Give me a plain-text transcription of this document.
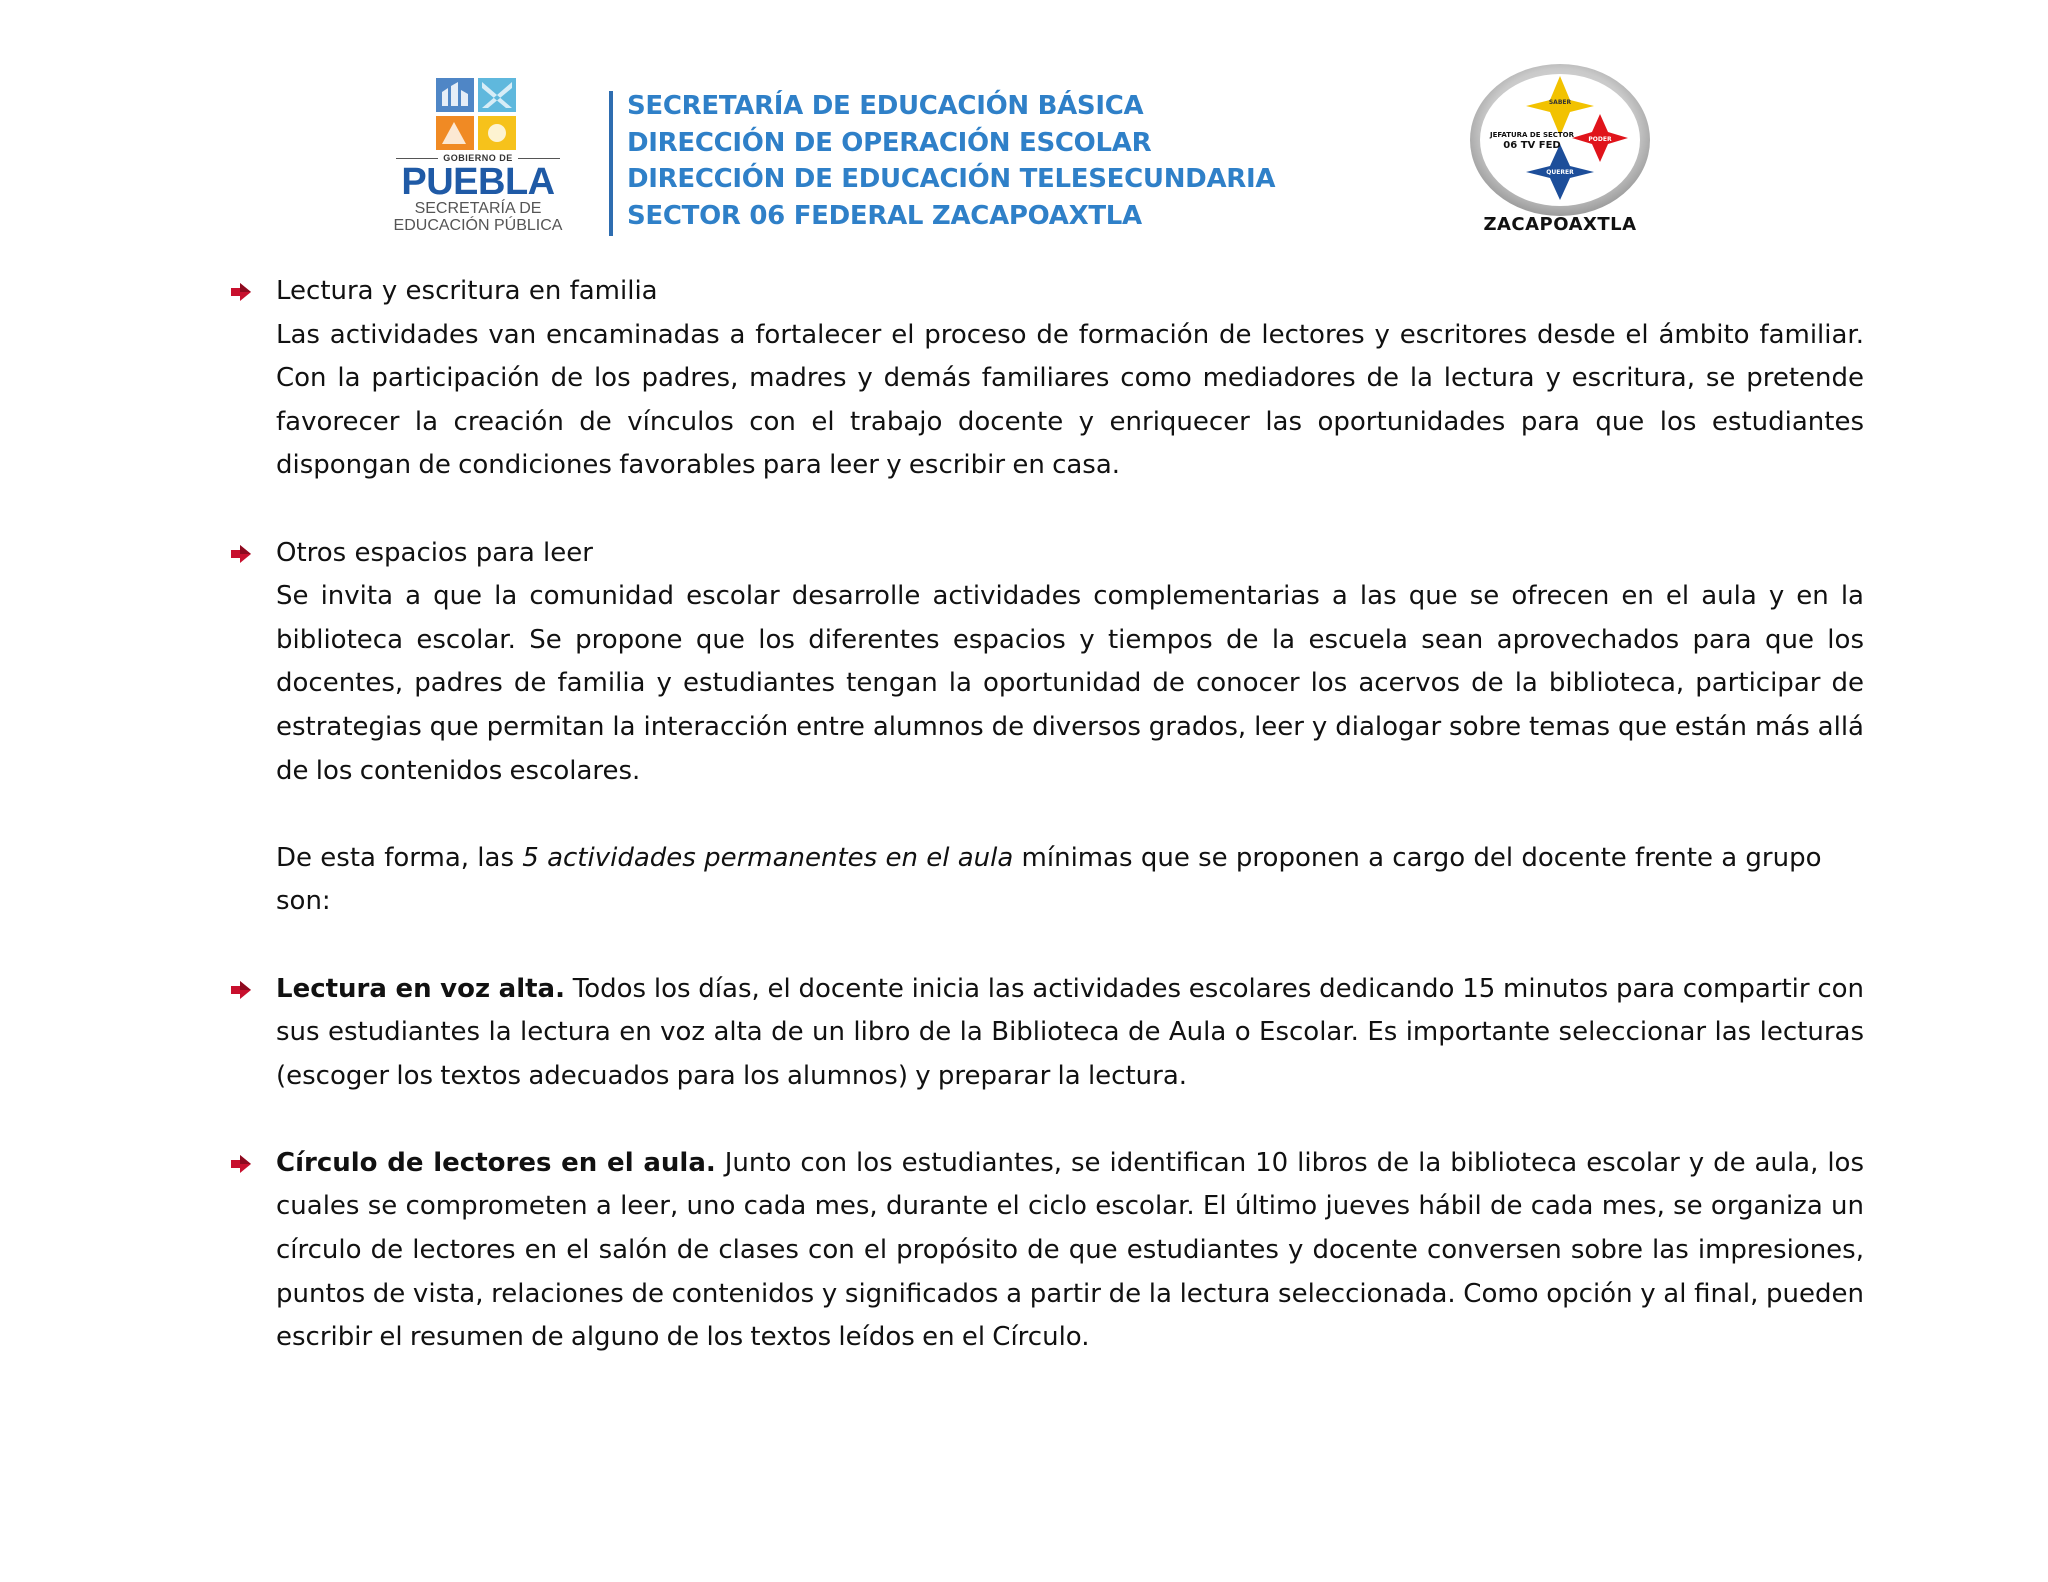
GOBIERNO DE
PUEBLA
SECRETARÍA DE
EDUCACIÓN PÚBLICA
SECRETARÍA DE EDUCACIÓN BÁSICA
DIRECCIÓN DE OPERACIÓN ESCOLAR
DIRECCIÓN DE EDUCACIÓN TELESECUNDARIA
SECTOR 06 FEDERAL ZACAPOAXTLA
SABER
PODER
QUERER
JEFATURA DE SECTOR
06 TV FED
ZACAPOAXTLA
Lectura y escritura en familia
Las actividades van encaminadas a fortalecer el proceso de formación de lectores y escritores desde el ámbito familiar. Con la participación de los padres, madres y demás familiares como mediadores de la lectura y escritura, se pretende favorecer la creación de vínculos con el trabajo docente y enriquecer las oportunidades para que los estudiantes dispongan de condiciones favorables para leer y escribir en casa.
Otros espacios para leer
Se invita a que la comunidad escolar desarrolle actividades complementarias a las que se ofrecen en el aula y en la biblioteca escolar. Se propone que los diferentes espacios y tiempos de la escuela sean aprovechados para que los docentes, padres de familia y estudiantes tengan la oportunidad de conocer los acervos de la biblioteca, participar de estrategias que permitan la interacción entre alumnos de diversos grados, leer y dialogar sobre temas que están más allá de los contenidos escolares.
De esta forma, las 5 actividades permanentes en el aula mínimas que se proponen a cargo del docente frente a grupo son:
Lectura en voz alta. Todos los días, el docente inicia las actividades escolares dedicando 15 minutos para compartir con sus estudiantes la lectura en voz alta de un libro de la Biblioteca de Aula o Escolar. Es importante seleccionar las lecturas (escoger los textos adecuados para los alumnos) y preparar la lectura.
Círculo de lectores en el aula. Junto con los estudiantes, se identifican 10 libros de la biblioteca escolar y de aula, los cuales se comprometen a leer, uno cada mes, durante el ciclo escolar. El último jueves hábil de cada mes, se organiza un círculo de lectores en el salón de clases con el propósito de que estudiantes y docente conversen sobre las impresiones, puntos de vista, relaciones de contenidos y significados a partir de la lectura seleccionada. Como opción y al final, pueden escribir el resumen de alguno de los textos leídos en el Círculo.
